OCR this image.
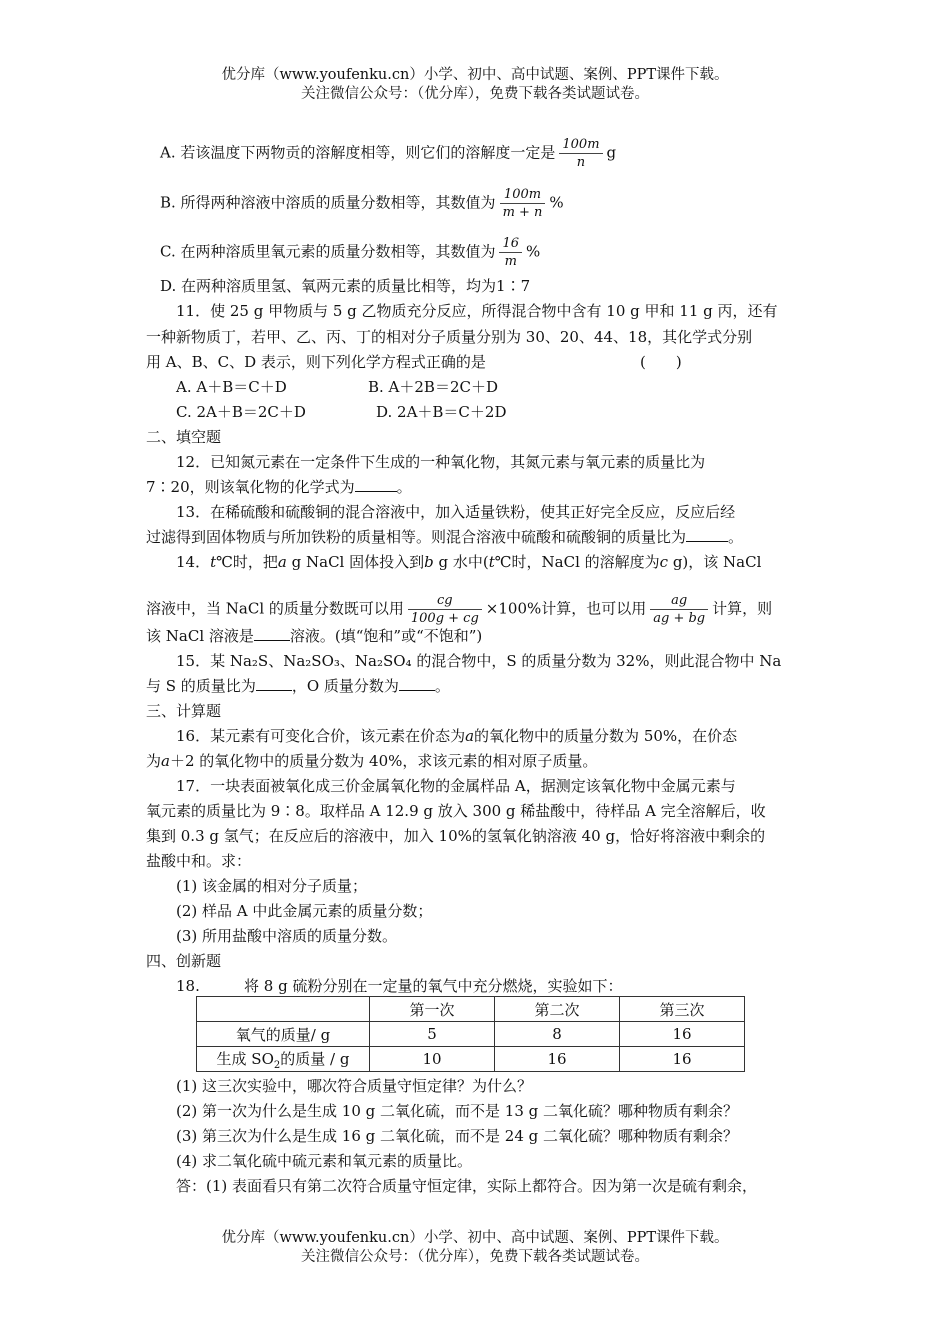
优分库（www.youfenku.cn）小学、初中、高中试题、案例、PPT课件下载。
关注微信公众号：（优分库），免费下载各类试题试卷。
A. 若该温度下两物贡的溶解度相等，则它们的溶解度一定是 $\frac{100m}{n}$ g
B. 所得两种溶液中溶质的质量分数相等，其数值为 $\frac{100m}{m + n}$ %
C. 在两种溶质里氧元素的质量分数相等，其数值为 $\frac{16}{m}$ %
D. 在两种溶质里氢、氧两元素的质量比相等，均为1∶7
11．使 25 g 甲物质与 5 g 乙物质充分反应，所得混合物中含有 10 g 甲和 11 g 丙，还有
一种新物质丁，若甲、乙、丙、丁的相对分子质量分别为 30、20、44、18，其化学式分别
用 A、B、C、D 表示，则下列化学方程式正确的是	( )
A. A＋B＝C＋D	B. A＋2B＝2C＋D
C. 2A＋B＝2C＋D	D. 2A＋B＝C＋2D
二、填空题
12．已知氮元素在一定条件下生成的一种氧化物，其氮元素与氧元素的质量比为
7∶20，则该氧化物的化学式为	。
13．在稀硫酸和硫酸铜的混合溶液中，加入适量铁粉，使其正好完全反应，反应后经
过滤得到固体物质与所加铁粉的质量相等。则混合溶液中硫酸和硫酸铜的质量比为	。
14．t℃时，把a g NaCl 固体投入到b g 水中(t℃时，NaCl 的溶解度为c g)，该 NaCl
溶液中，当 NaCl 的质量分数既可以用 $\frac{cg}{100g + cg} \times 100\%$计算，也可以用 $\frac{ag}{ag + bg}$ 计算，则
该 NaCl 溶液是 溶液。(填“饱和”或“不饱和”)
15．某 Na₂S、Na₂SO₃、Na₂SO₄ 的混合物中，S 的质量分数为 32%，则此混合物中 Na
与 S 的质量比为 ，O 质量分数为 。
三、计算题
16．某元素有可变化合价，该元素在价态为a的氧化物中的质量分数为 50%，在价态
为a＋2 的氧化物中的质量分数为 40%，求该元素的相对原子质量。
17．一块表面被氧化成三价金属氧化物的金属样品 A，据测定该氧化物中金属元素与
氧元素的质量比为 9∶8。取样品 A 12.9 g 放入 300 g 稀盐酸中，待样品 A 完全溶解后，收
集到 0.3 g 氢气；在反应后的溶液中，加入 10%的氢氧化钠溶液 40 g，恰好将溶液中剩余的
盐酸中和。求：
(1) 该金属的相对分子质量；
(2) 样品 A 中此金属元素的质量分数；
(3) 所用盐酸中溶质的质量分数。
四、创新题
18.	将 8 g 硫粉分别在一定量的氧气中充分燃烧，实验如下：
	第一次	第二次	第三次
氧气的质量/ g	5	8	16
生成 $SO_2$的质量 / g	10	16	16
(1) 这三次实验中，哪次符合质量守恒定律？为什么？
(2) 第一次为什么是生成 10 g 二氧化硫，而不是 13 g 二氧化硫？哪种物质有剩余？
(3) 第三次为什么是生成 16 g 二氧化硫，而不是 24 g 二氧化硫？哪种物质有剩余？
(4) 求二氧化硫中硫元素和氧元素的质量比。
答：(1) 表面看只有第二次符合质量守恒定律，实际上都符合。因为第一次是硫有剩余，
优分库（www.youfenku.cn）小学、初中、高中试题、案例、PPT课件下载。
关注微信公众号：（优分库），免费下载各类试题试卷。
